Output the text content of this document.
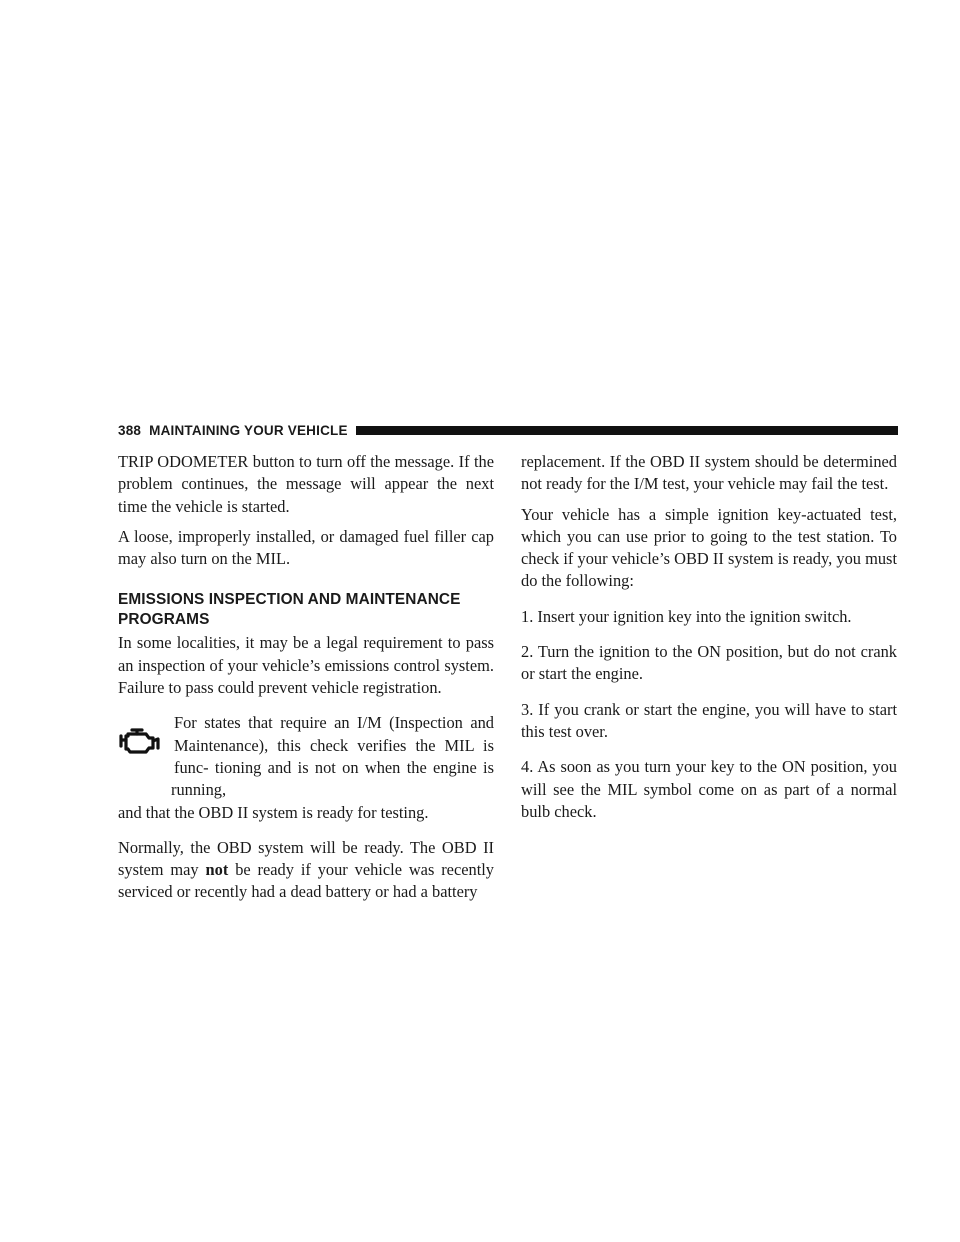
388 MAINTAINING YOUR VEHICLE

TRIP ODOMETER button to turn off the message. If the problem continues, the message will appear the next time the vehicle is started.

A loose, improperly installed, or damaged fuel filler cap may also turn on the MIL.

EMISSIONS INSPECTION AND MAINTENANCE PROGRAMS

In some localities, it may be a legal requirement to pass an inspection of your vehicle’s emissions control system. Failure to pass could prevent vehicle registration.

For states that require an I/M (Inspection and Maintenance), this check verifies the MIL is func- tioning and is not on when the engine is running,
and that the OBD II system is ready for testing.

Normally, the OBD system will be ready. The OBD II system may not be ready if your vehicle was recently serviced or recently had a dead battery or had a battery

replacement. If the OBD II system should be determined not ready for the I/M test, your vehicle may fail the test.

Your vehicle has a simple ignition key-actuated test, which you can use prior to going to the test station. To check if your vehicle’s OBD II system is ready, you must do the following:

1. Insert your ignition key into the ignition switch.

2. Turn the ignition to the ON position, but do not crank or start the engine.

3. If you crank or start the engine, you will have to start this test over.

4. As soon as you turn your key to the ON position, you will see the MIL symbol come on as part of a normal bulb check.
